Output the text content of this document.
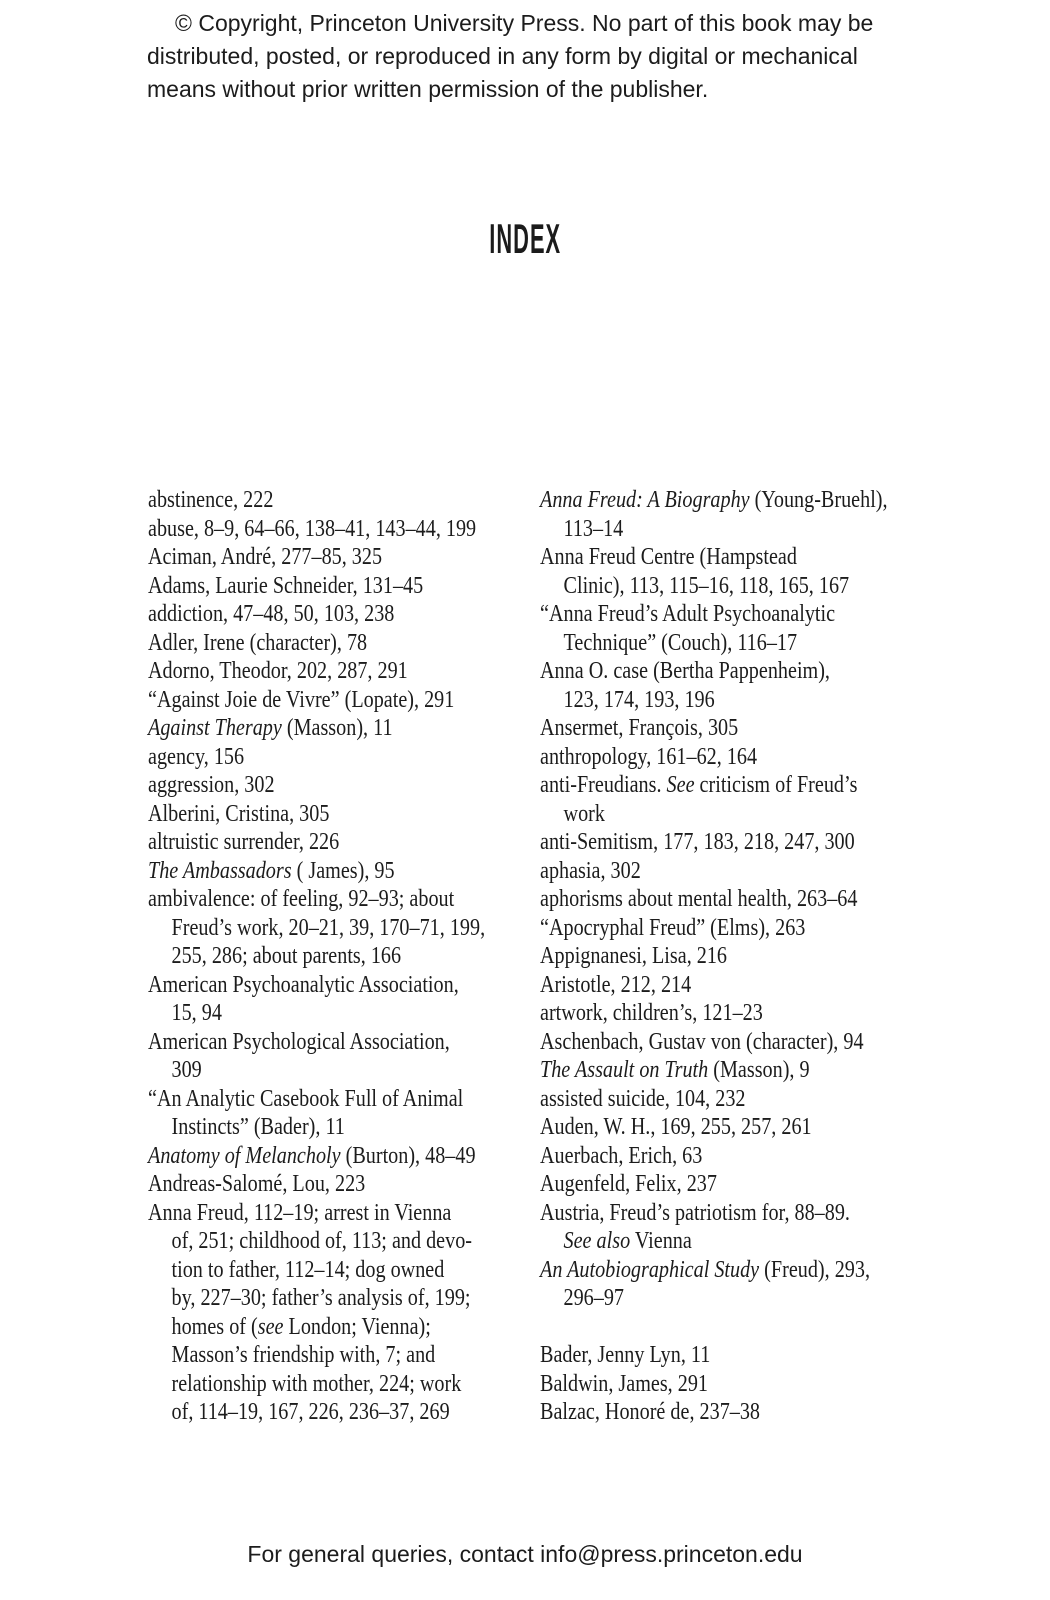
© Copyright, Princeton University Press. No part of this book may be
distributed, posted, or reproduced in any form by digital or mechanical
means without prior written permission of the publisher.
INDEX
abstinence, 222
abuse, 8–9, 64–66, 138–41, 143–44, 199
Aciman, André, 277–85, 325
Adams, Laurie Schneider, 131–45
addiction, 47–48, 50, 103, 238
Adler, Irene (character), 78
Adorno, Theodor, 202, 287, 291
“Against Joie de Vivre” (Lopate), 291
Against Therapy (Masson), 11
agency, 156
aggression, 302
Alberini, Cristina, 305
altruistic surrender, 226
The Ambassadors ( James), 95
ambivalence: of feeling, 92–93; about
Freud’s work, 20–21, 39, 170–71, 199,
255, 286; about parents, 166
American Psychoanalytic Association,
15, 94
American Psychological Association,
309
“An Analytic Casebook Full of Animal
Instincts” (Bader), 11
Anatomy of Melancholy (Burton), 48–49
Andreas-Salomé, Lou, 223
Anna Freud, 112–19; arrest in Vienna
of, 251; childhood of, 113; and devo-
tion to father, 112–14; dog owned
by, 227–30; father’s analysis of, 199;
homes of (see London; Vienna);
Masson’s friendship with, 7; and
relationship with mother, 224; work
of, 114–19, 167, 226, 236–37, 269
Anna Freud: A Biography (Young-Bruehl),
113–14
Anna Freud Centre (Hampstead
Clinic), 113, 115–16, 118, 165, 167
“Anna Freud’s Adult Psychoanalytic
Technique” (Couch), 116–17
Anna O. case (Bertha Pappenheim),
123, 174, 193, 196
Ansermet, François, 305
anthropology, 161–62, 164
anti-Freudians. See criticism of Freud’s
work
anti-Semitism, 177, 183, 218, 247, 300
aphasia, 302
aphorisms about mental health, 263–64
“Apocryphal Freud” (Elms), 263
Appignanesi, Lisa, 216
Aristotle, 212, 214
artwork, children’s, 121–23
Aschenbach, Gustav von (character), 94
The Assault on Truth (Masson), 9
assisted suicide, 104, 232
Auden, W. H., 169, 255, 257, 261
Auerbach, Erich, 63
Augenfeld, Felix, 237
Austria, Freud’s patriotism for, 88–89.
See also Vienna
An Autobiographical Study (Freud), 293,
296–97

Bader, Jenny Lyn, 11
Baldwin, James, 291
Balzac, Honoré de, 237–38
For general queries, contact info@press.princeton.edu
